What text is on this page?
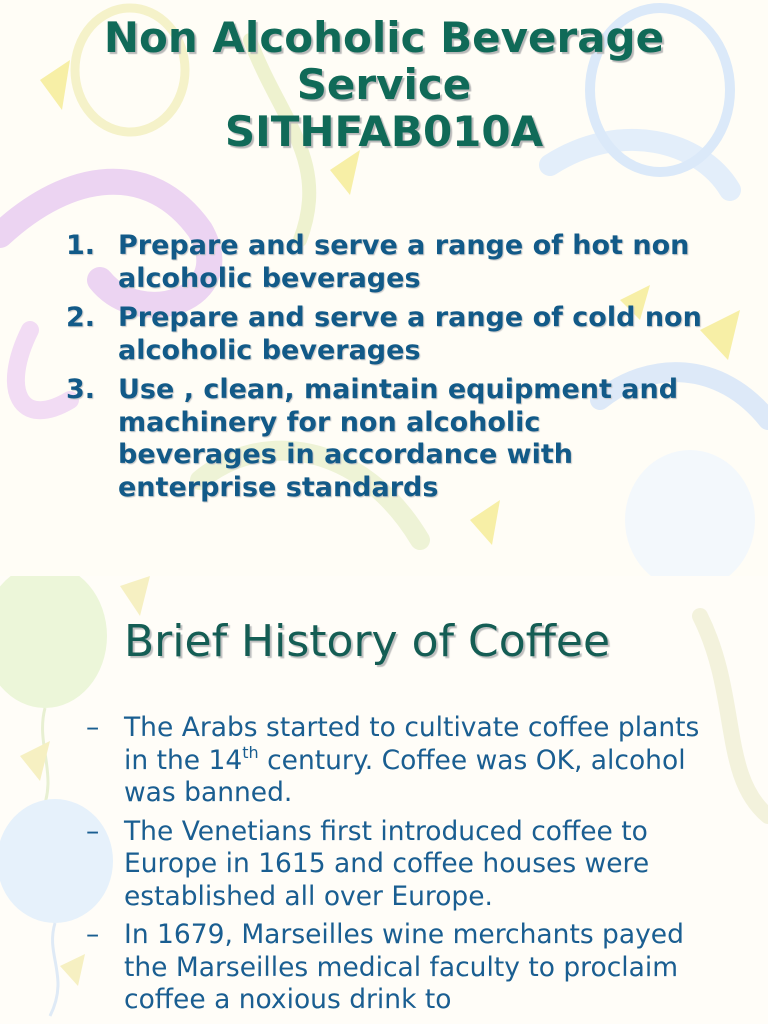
Non Alcoholic Beverage
Service
SITHFAB010A
1. Prepare and serve a range of hot non alcoholic beverages
2. Prepare and serve a range of cold non alcoholic beverages
3. Use , clean, maintain equipment and machinery for non alcoholic beverages in accordance with enterprise standards
Brief History of Coffee
– The Arabs started to cultivate coffee plants in the 14th century. Coffee was OK, alcohol was banned.
– The Venetians first introduced coffee to Europe in 1615 and coffee houses were established all over Europe.
– In 1679, Marseilles wine merchants payed the Marseilles medical faculty to proclaim coffee a noxious drink to
